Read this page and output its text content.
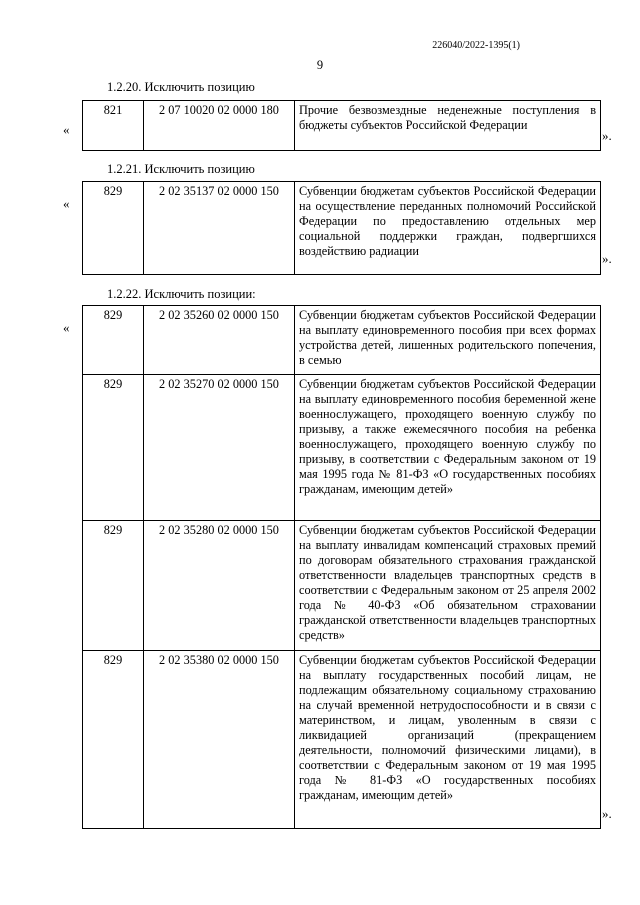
226040/2022-1395(1)
9
1.2.20. Исключить позицию
«
821	2 07 10020 02 0000 180	Прочие безвозмездные неденежные поступления в бюджеты субъектов Российской Федерации
».
1.2.21. Исключить позицию
«
829	2 02 35137 02 0000 150	Субвенции бюджетам субъектов Российской Федерации на осуществление переданных полномочий Российской Федерации по предоставлению отдельных мер социальной поддержки граждан, подвергшихся воздействию радиации	».
1.2.22. Исключить позиции:
«
829	2 02 35260 02 0000 150	Субвенции бюджетам субъектов Российской Федерации на выплату единовременного пособия при всех формах устройства детей, лишенных родительского попечения, в семью
829	2 02 35270 02 0000 150	Субвенции бюджетам субъектов Российской Федерации на выплату единовременного пособия беременной жене военнослужащего, проходящего военную службу по призыву, а также ежемесячного пособия на ребенка военнослужащего, проходящего военную службу по призыву, в соответствии с Федеральным законом от 19 мая 1995 года № 81-ФЗ «О государственных пособиях гражданам, имеющим детей»
829	2 02 35280 02 0000 150	Субвенции бюджетам субъектов Российской Федерации на выплату инвалидам компенсаций страховых премий по договорам обязательного страхования гражданской ответственности владельцев транспортных средств в соответствии с Федеральным законом от 25 апреля 2002 года № 40-ФЗ «Об обязательном страховании гражданской ответственности владельцев транспортных средств»
829	2 02 35380 02 0000 150	Субвенции бюджетам субъектов Российской Федерации на выплату государственных пособий лицам, не подлежащим обязательному социальному страхованию на случай временной нетрудоспособности и в связи с материнством, и лицам, уволенным в связи с ликвидацией организаций (прекращением деятельности, полномочий физическими лицами), в соответствии с Федеральным законом от 19 мая 1995 года № 81-ФЗ «О государственных пособиях гражданам, имеющим детей»
».
